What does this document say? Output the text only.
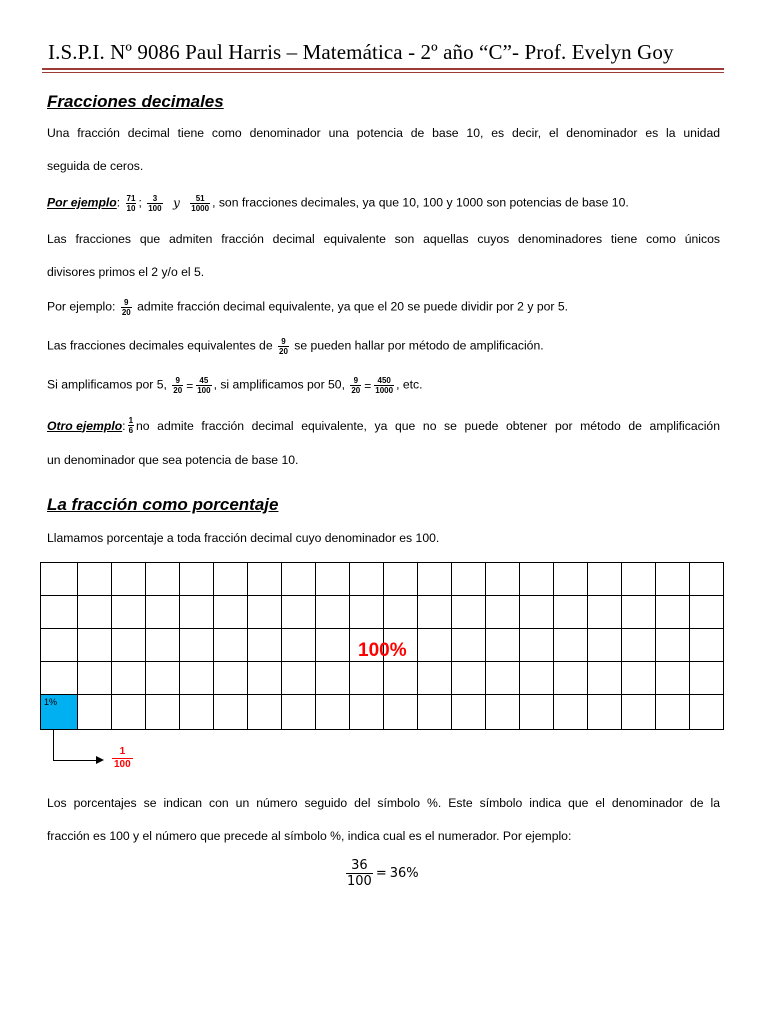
I.S.P.I. Nº 9086 Paul Harris – Matemática - 2º año “C”- Prof. Evelyn Goy
Fracciones decimales
Una fracción decimal tiene como denominador una potencia de base 10, es decir, el denominador es la unidad
seguida de ceros.
Por ejemplo: $\frac{71}{10}$ ; $\frac{3}{100}$ y $\frac{51}{1000}$ , son fracciones decimales, ya que 10, 100 y 1000 son potencias de base 10.
Las fracciones que admiten fracción decimal equivalente son aquellas cuyos denominadores tiene como únicos
divisores primos el 2 y/o el 5.
Por ejemplo: $\frac{9}{20}$ admite fracción decimal equivalente, ya que el 20 se puede dividir por 2 y por 5.
Las fracciones decimales equivalentes de $\frac{9}{20}$ se pueden hallar por método de amplificación.
Si amplificamos por 5, $\frac{9}{20} = \frac{45}{100}$ , si amplificamos por 50, $\frac{9}{20} = \frac{450}{1000}$ , etc.
Otro ejemplo : $\frac{1}{6}$ no admite fracción decimal equivalente, ya que no se puede obtener por método de amplificación
un denominador que sea potencia de base 10.
La fracción como porcentaje
Llamamos porcentaje a toda fracción decimal cuyo denominador es 100.

1%																			
100%
$\frac{1}{100}$
Los porcentajes se indican con un número seguido del símbolo %. Este símbolo indica que el denominador de la
fracción es 100 y el número que precede al símbolo %, indica cual es el numerador. Por ejemplo:
$\frac{36}{100} = 36\%$
